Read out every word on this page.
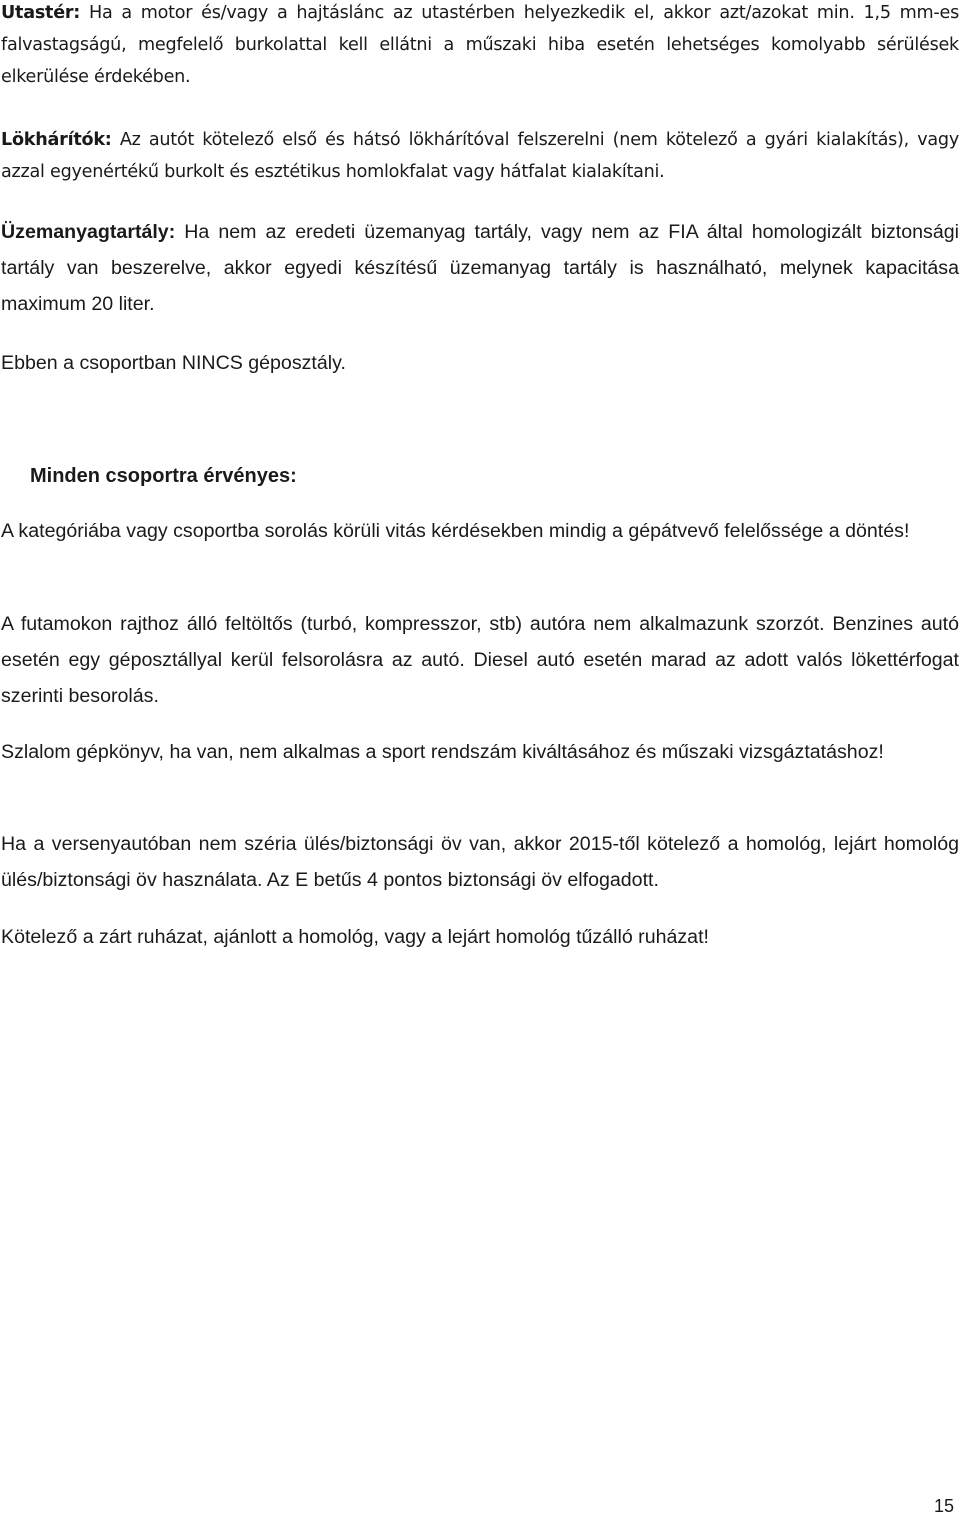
Utastér: Ha a motor és/vagy a hajtáslánc az utastérben helyezkedik el, akkor azt/azokat min. 1,5 mm-es falvastagságú, megfelelő burkolattal kell ellátni a műszaki hiba esetén lehetséges komolyabb sérülések elkerülése érdekében.

Lökhárítók: Az autót kötelező első és hátsó lökhárítóval felszerelni (nem kötelező a gyári kialakítás), vagy azzal egyenértékű burkolt és esztétikus homlokfalat vagy hátfalat kialakítani.

Üzemanyagtartály: Ha nem az eredeti üzemanyag tartály, vagy nem az FIA által homologizált biztonsági tartály van beszerelve, akkor egyedi készítésű üzemanyag tartály is használható, melynek kapacitása maximum 20 liter.

Ebben a csoportban NINCS géposztály.

Minden csoportra érvényes:

A kategóriába vagy csoportba sorolás körüli vitás kérdésekben mindig a gépátvevő felelőssége a döntés!

A futamokon rajthoz álló feltöltős (turbó, kompresszor, stb) autóra nem alkalmazunk szorzót. Benzines autó esetén egy géposztállyal kerül felsorolásra az autó. Diesel autó esetén marad az adott valós lökettérfogat szerinti besorolás.

Szlalom gépkönyv, ha van, nem alkalmas a sport rendszám kiváltásához és műszaki vizsgáztatáshoz!

Ha a versenyautóban nem széria ülés/biztonsági öv van, akkor 2015-től kötelező a homológ, lejárt homológ ülés/biztonsági öv használata. Az E betűs 4 pontos biztonsági öv elfogadott.

Kötelező a zárt ruházat, ajánlott a homológ, vagy a lejárt homológ tűzálló ruházat!

15
